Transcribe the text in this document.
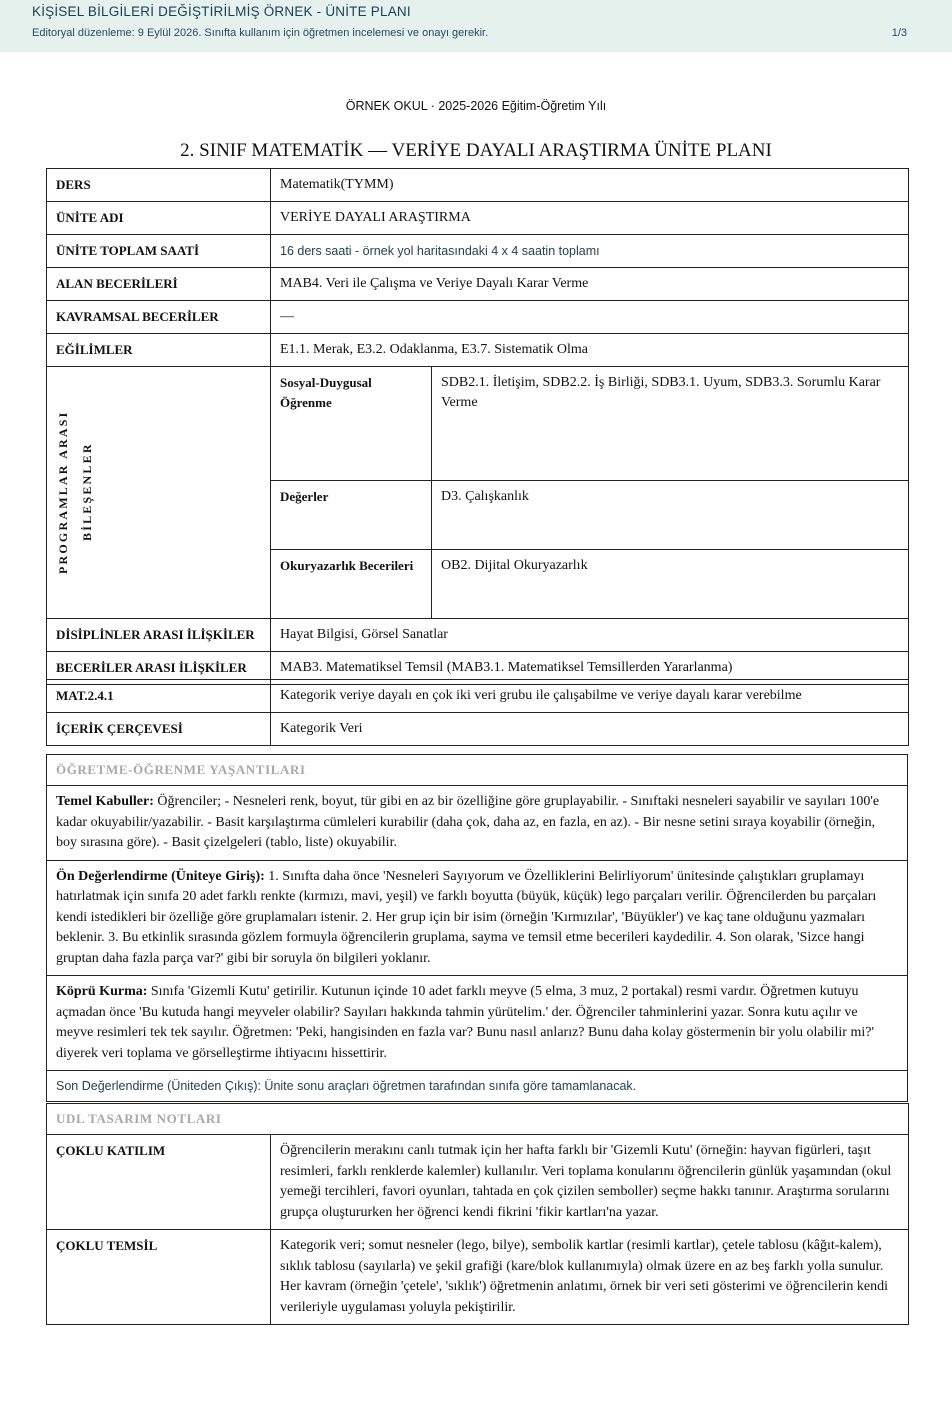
KİŞİSEL BİLGİLERİ DEĞİŞTİRİLMİŞ ÖRNEK - ÜNİTE PLANI
Editoryal düzenleme: 9 Eylül 2026. Sınıfta kullanım için öğretmen incelemesi ve onayı gerekir.	1/3
ÖRNEK OKUL · 2025-2026 Eğitim-Öğretim Yılı
2. SINIF MATEMATİK — VERİYE DAYALI ARAŞTIRMA ÜNİTE PLANI
DERS	Matematik(TYMM)	
ÜNİTE ADI	VERİYE DAYALI ARAŞTIRMA	
ÜNİTE TOPLAM SAATİ	16 ders saati - örnek yol haritasındaki 4 x 4 saatin toplamı	
ALAN BECERİLERİ	MAB4. Veri ile Çalışma ve Veriye Dayalı Karar Verme	
KAVRAMSAL BECERİLER	—	
EĞİLİMLER	E1.1. Merak, E3.2. Odaklanma, E3.7. Sistematik Olma	

PROGRAMLAR ARASI BİLEŞENLER	Sosyal-Duygusal Öğrenme	SDB2.1. İletişim, SDB2.2. İş Birliği, SDB3.1. Uyum, SDB3.3. Sorumlu Karar Verme
	Değerler	D3. Çalışkanlık
	Okuryazarlık Becerileri	OB2. Dijital Okuryazarlık
DİSİPLİNLER ARASI İLİŞKİLER	Hayat Bilgisi, Görsel Sanatlar	
BECERİLER ARASI İLİŞKİLER	MAB3. Matematiksel Temsil (MAB3.1. Matematiksel Temsillerden Yararlanma)	
MAT.2.4.1	Kategorik veriye dayalı en çok iki veri grubu ile çalışabilme ve veriye dayalı karar verebilme
İÇERİK ÇERÇEVESİ	Kategorik Veri
ÖĞRETME-ÖĞRENME YAŞANTILARI
Temel Kabuller: Öğrenciler; - Nesneleri renk, boyut, tür gibi en az bir özelliğine göre gruplayabilir. - Sınıftaki nesneleri sayabilir ve sayıları 100'e kadar okuyabilir/yazabilir. - Basit karşılaştırma cümleleri kurabilir (daha çok, daha az, en fazla, en az). - Bir nesne setini sıraya koyabilir (örneğin, boy sırasına göre). - Basit çizelgeleri (tablo, liste) okuyabilir.
Ön Değerlendirme (Üniteye Giriş): 1. Sınıfta daha önce 'Nesneleri Sayıyorum ve Özelliklerini Belirliyorum' ünitesinde çalıştıkları gruplamayı hatırlatmak için sınıfa 20 adet farklı renkte (kırmızı, mavi, yeşil) ve farklı boyutta (büyük, küçük) lego parçaları verilir. Öğrencilerden bu parçaları kendi istedikleri bir özelliğe göre gruplamaları istenir. 2. Her grup için bir isim (örneğin 'Kırmızılar', 'Büyükler') ve kaç tane olduğunu yazmaları beklenir. 3. Bu etkinlik sırasında gözlem formuyla öğrencilerin gruplama, sayma ve temsil etme becerileri kaydedilir. 4. Son olarak, 'Sizce hangi gruptan daha fazla parça var?' gibi bir soruyla ön bilgileri yoklanır.
Köprü Kurma: Sınıfa 'Gizemli Kutu' getirilir. Kutunun içinde 10 adet farklı meyve (5 elma, 3 muz, 2 portakal) resmi vardır. Öğretmen kutuyu açmadan önce 'Bu kutuda hangi meyveler olabilir? Sayıları hakkında tahmin yürütelim.' der. Öğrenciler tahminlerini yazar. Sonra kutu açılır ve meyve resimleri tek tek sayılır. Öğretmen: 'Peki, hangisinden en fazla var? Bunu nasıl anlarız? Bunu daha kolay göstermenin bir yolu olabilir mi?' diyerek veri toplama ve görselleştirme ihtiyacını hissettirir.
Son Değerlendirme (Üniteden Çıkış): Ünite sonu araçları öğretmen tarafından sınıfa göre tamamlanacak.
UDL TASARIM NOTLARI	
ÇOKLU KATILIM	Öğrencilerin merakını canlı tutmak için her hafta farklı bir 'Gizemli Kutu' (örneğin: hayvan figürleri, taşıt resimleri, farklı renklerde kalemler) kullanılır. Veri toplama konularını öğrencilerin günlük yaşamından (okul yemeği tercihleri, favori oyunları, tahtada en çok çizilen semboller) seçme hakkı tanınır. Araştırma sorularını grupça oluştururken her öğrenci kendi fikrini 'fikir kartları'na yazar.
ÇOKLU TEMSİL	Kategorik veri; somut nesneler (lego, bilye), sembolik kartlar (resimli kartlar), çetele tablosu (kâğıt-kalem), sıklık tablosu (sayılarla) ve şekil grafiği (kare/blok kullanımıyla) olmak üzere en az beş farklı yolla sunulur. Her kavram (örneğin 'çetele', 'sıklık') öğretmenin anlatımı, örnek bir veri seti gösterimi ve öğrencilerin kendi verileriyle uygulaması yoluyla pekiştirilir.
